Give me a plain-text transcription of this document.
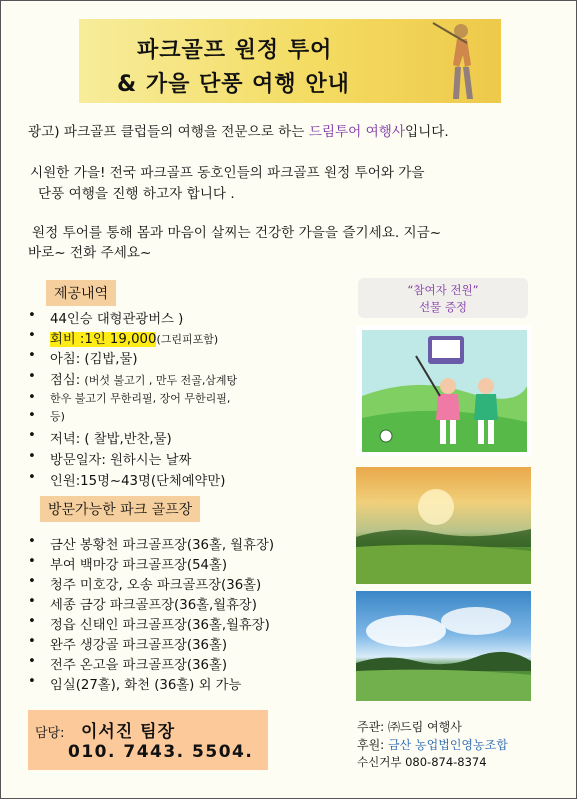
파크골프 원정 투어
& 가을 단풍 여행 안내
광고) 파크골프 클럽들의 여행을 전문으로 하는 드림투어 여행사입니다.
시원한 가을! 전국 파크골프 동호인들의 파크골프 원정 투어와 가을
단풍 여행을 진행 하고자 합니다 .
원정 투어를 통해 몸과 마음이 살찌는 건강한 가을을 즐기세요. 지금~
바로~ 전화 주세요~
제공내역
• 44인승 대형관광버스 )
• 회비 :1인 19,000(그린피포함)
• 아침: (김밥,물)
• 점심: (버섯 불고기 , 만두 전골,삼계탕
• 한우 불고기 무한리필, 장어 무한리필,
• 등)
• 저녁: ( 찰밥,반찬,물)
• 방문일자: 원하시는 날짜
• 인원:15명~43명(단체예약만)
방문가능한 파크 골프장
• 금산 봉황천 파크골프장(36홀, 월휴장)
• 부여 백마강 파크골프장(54홀)
• 청주 미호강, 오송 파크골프장(36홀)
• 세종 금강 파크골프장(36홀,월휴장)
• 정읍 신태인 파크골프장(36홀,월휴장)
• 완주 생강골 파크골프장(36홀)
• 전주 온고을 파크골프장(36홀)
• 임실(27홀), 화천 (36홀) 외 가능
“참여자 전원”
선물 증정
담당: 이서진 팀장
010. 7443. 5504.
주관: ㈜드림 여행사
후원: 금산 농업법인영농조합
수신거부 080-874-8374
